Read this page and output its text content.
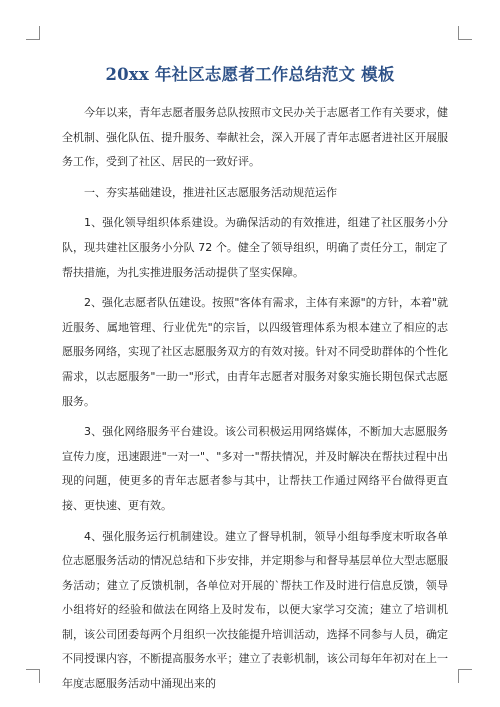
20xx 年社区志愿者工作总结范文 模板

今年以来，青年志愿者服务总队按照市文民办关于志愿者工作有关要求，健全机制、强化队伍、提升服务、奉献社会，深入开展了青年志愿者进社区开展服务工作，受到了社区、居民的一致好评。

一、夯实基础建设，推进社区志愿服务活动规范运作

1、强化领导组织体系建设。为确保活动的有效推进，组建了社区服务小分队，现共建社区服务小分队 72 个。健全了领导组织，明确了责任分工，制定了帮扶措施，为扎实推进服务活动提供了坚实保障。

2、强化志愿者队伍建设。按照"客体有需求，主体有来源"的方针，本着"就近服务、属地管理、行业优先"的宗旨，以四级管理体系为根本建立了相应的志愿服务网络，实现了社区志愿服务双方的有效对接。针对不同受助群体的个性化需求，以志愿服务"一助一"形式，由青年志愿者对服务对象实施长期包保式志愿服务。

3、强化网络服务平台建设。该公司积极运用网络媒体，不断加大志愿服务宣传力度，迅速跟进"一对一"、"多对一"帮扶情况，并及时解决在帮扶过程中出现的问题，使更多的青年志愿者参与其中，让帮扶工作通过网络平台做得更直接、更快速、更有效。

4、强化服务运行机制建设。建立了督导机制，领导小组每季度末听取各单位志愿服务活动的情况总结和下步安排，并定期参与和督导基层单位大型志愿服务活动；建立了反馈机制，各单位对开展的`帮扶工作及时进行信息反馈，领导小组将好的经验和做法在网络上及时发布，以便大家学习交流；建立了培训机制，该公司团委每两个月组织一次技能提升培训活动，选择不同参与人员，确定不同授课内容，不断提高服务水平；建立了表彰机制，该公司每年年初对在上一年度志愿服务活动中涌现出来的
